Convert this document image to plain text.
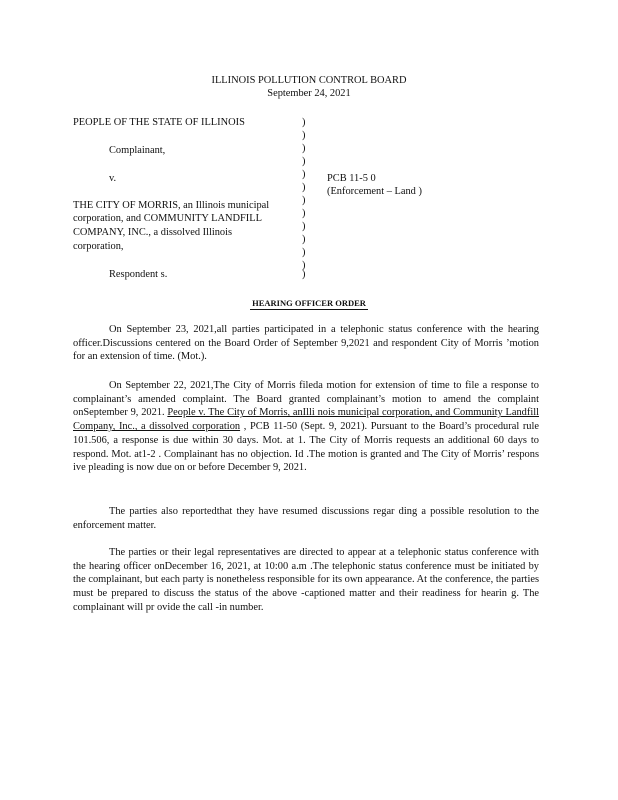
ILLINOIS POLLUTION CONTROL BOARD
September 24, 2021
PEOPLE OF THE STATE OF ILLINOIS
Complainant,
v.	PCB 11-5 0
(Enforcement – Land )
THE CITY OF MORRIS, an Illinois municipal
corporation, and COMMUNITY LANDFILL
COMPANY, INC., a dissolved Illinois
corporation,
Respondent s.
)
)
)
)
)
)
)
)
)
)
)
)
)
HEARING OFFICER ORDER

On September 23, 2021,all parties participated in a telephonic status conference with the hearing officer.Discussions centered on the Board Order of September 9,2021 and respondent City of Morris ’motion for an extension of time. (Mot.).

On September 22, 2021,The City of Morris fileda motion for extension of time to file a response to complainant’s amended complaint. The Board granted complainant’s motion to amend the complaint onSeptember 9, 2021. People v. The City of Morris, anIlli nois municipal corporation, and Community Landfill Company, Inc., a dissolved corporation , PCB 11-50 (Sept. 9, 2021). Pursuant to the Board’s procedural rule 101.506, a response is due within 30 days. Mot. at 1. The City of Morris requests an additional 60 days to respond. Mot. at1-2 . Complainant has no objection. Id .The motion is granted and The City of Morris’ respons ive pleading is now due on or before December 9, 2021.

The parties also reportedthat they have resumed discussions regar ding a possible resolution to the enforcement matter.

The parties or their legal representatives are directed to appear at a telephonic status conference with the hearing officer onDecember 16, 2021, at 10:00 a.m .The telephonic status conference must be initiated by the complainant, but each party is nonetheless responsible for its own appearance. At the conference, the parties must be prepared to discuss the status of the above -captioned matter and their readiness for hearin g. The complainant will pr ovide the call -in number.
